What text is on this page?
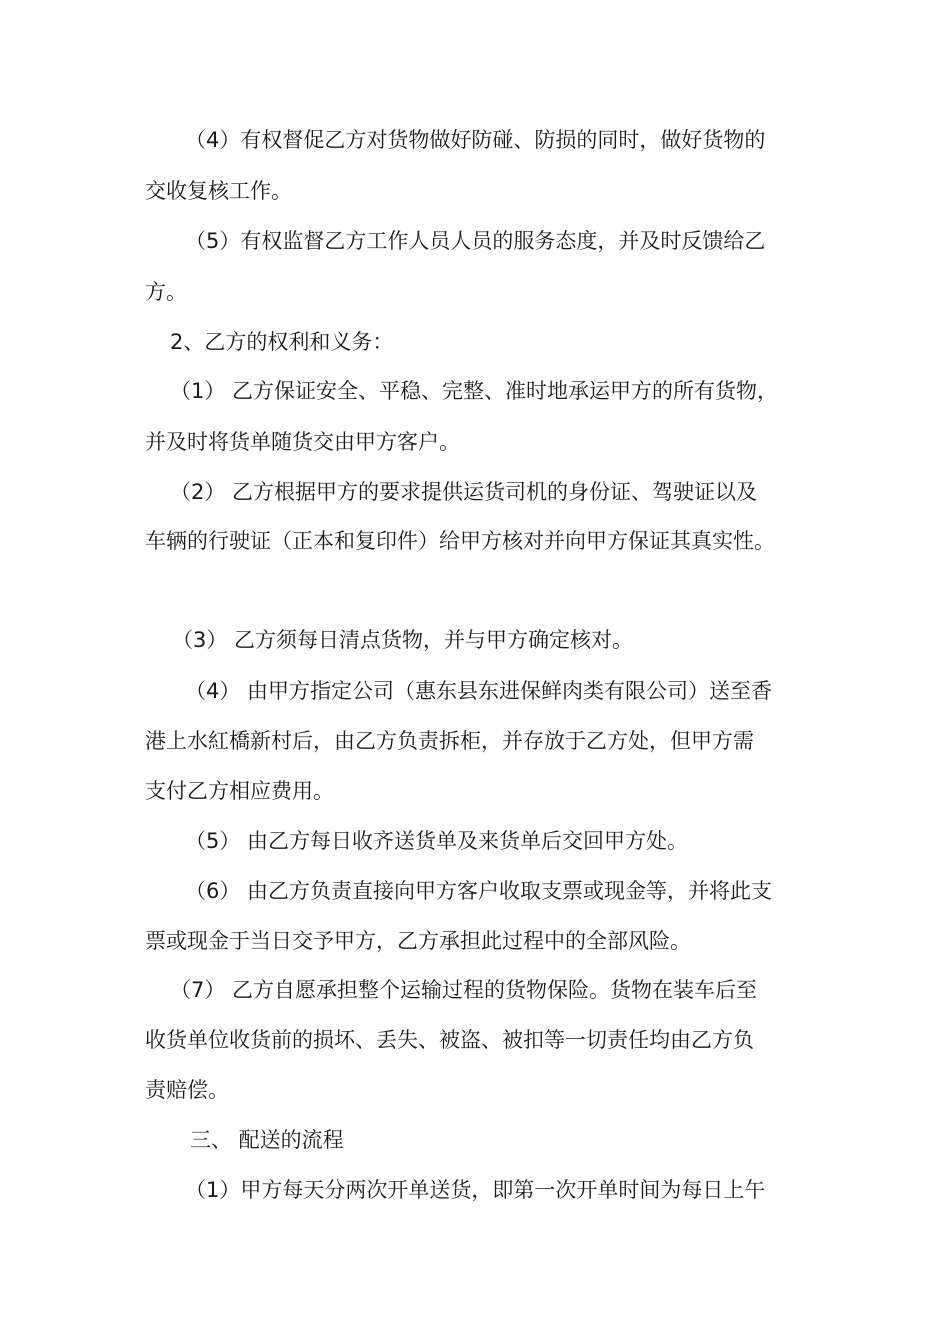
（4）有权督促乙方对货物做好防碰、防损的同时，做好货物的

交收复核工作。

（5）有权监督乙方工作人员人员的服务态度，并及时反馈给乙

方。

2、乙方的权利和义务：

（1） 乙方保证安全、平稳、完整、准时地承运甲方的所有货物，

并及时将货单随货交由甲方客户。

（2） 乙方根据甲方的要求提供运货司机的身份证、驾驶证以及

车辆的行驶证（正本和复印件）给甲方核对并向甲方保证其真实性。

（3） 乙方须每日清点货物，并与甲方确定核对。

（4） 由甲方指定公司（惠东县东进保鲜肉类有限公司）送至香

港上水紅橋新村后，由乙方负责拆柜，并存放于乙方处，但甲方需

支付乙方相应费用。

（5） 由乙方每日收齐送货单及来货单后交回甲方处。

（6） 由乙方负责直接向甲方客户收取支票或现金等，并将此支

票或现金于当日交予甲方，乙方承担此过程中的全部风险。

（7） 乙方自愿承担整个运输过程的货物保险。货物在装车后至

收货单位收货前的损坏、丢失、被盗、被扣等一切责任均由乙方负

责赔偿。

三、 配送的流程

（1）甲方每天分两次开单送货，即第一次开单时间为每日上午
